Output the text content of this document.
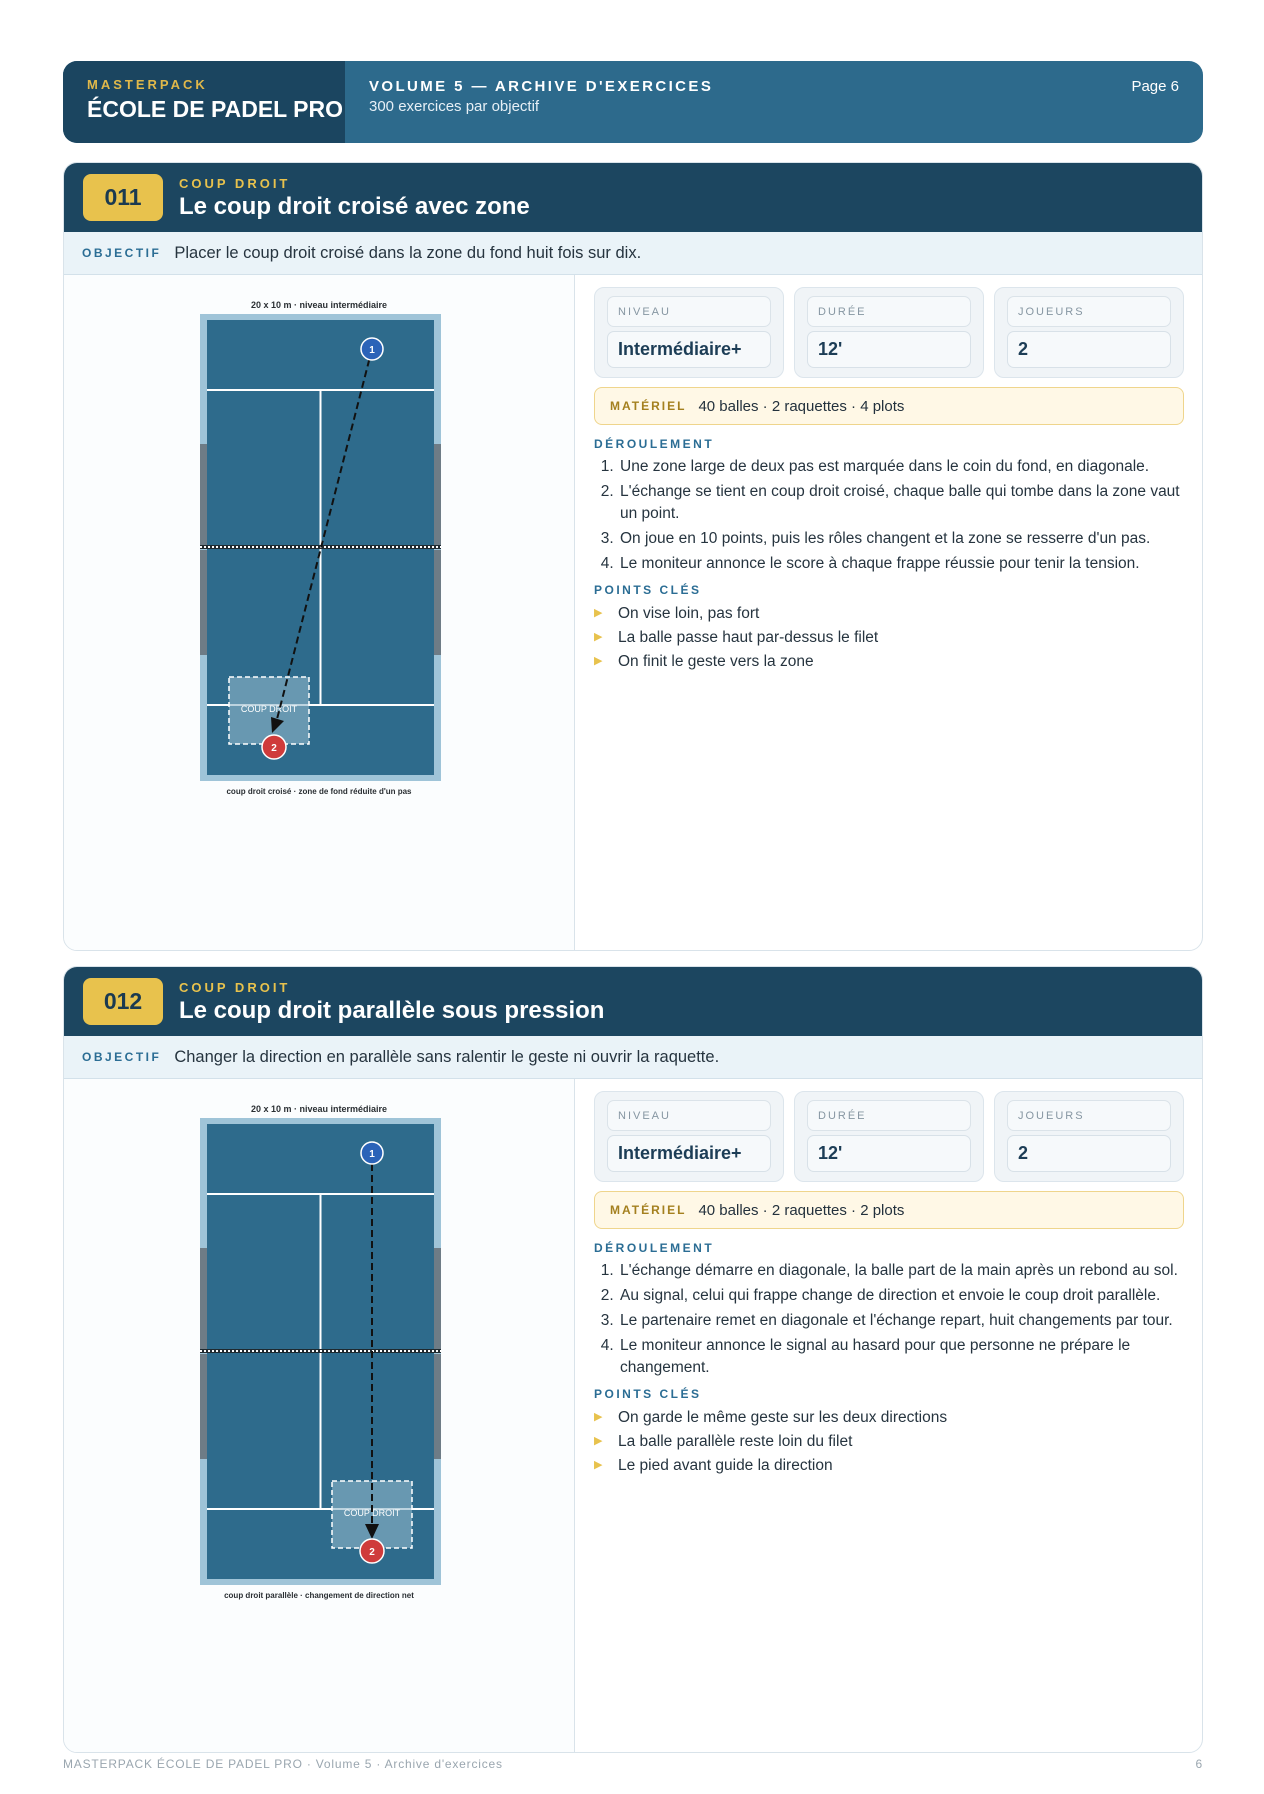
MASTERPACK
ÉCOLE DE PADEL PRO
VOLUME 5 — ARCHIVE D'EXERCICES
300 exercices par objectif
Page 6
011
COUP DROIT
Le coup droit croisé avec zone
OBJECTIF Placer le coup droit croisé dans la zone du fond huit fois sur dix.
20 x 10 m · niveau intermédiaire
COUP DROIT
1
2
coup droit croisé · zone de fond réduite d'un pas
NIVEAU
Intermédiaire+
DURÉE
12'
JOUEURS
2
MATÉRIEL 40 balles · 2 raquettes · 4 plots
DÉROULEMENT
1. Une zone large de deux pas est marquée dans le coin du fond, en diagonale.
2. L'échange se tient en coup droit croisé, chaque balle qui tombe dans la zone vaut un point.
3. On joue en 10 points, puis les rôles changent et la zone se resserre d'un pas.
4. Le moniteur annonce le score à chaque frappe réussie pour tenir la tension.
POINTS CLÉS
▶ On vise loin, pas fort
▶ La balle passe haut par-dessus le filet
▶ On finit le geste vers la zone
012
COUP DROIT
Le coup droit parallèle sous pression
OBJECTIF Changer la direction en parallèle sans ralentir le geste ni ouvrir la raquette.
20 x 10 m · niveau intermédiaire
COUP DROIT
1
2
coup droit parallèle · changement de direction net
NIVEAU
Intermédiaire+
DURÉE
12'
JOUEURS
2
MATÉRIEL 40 balles · 2 raquettes · 2 plots
DÉROULEMENT
1. L'échange démarre en diagonale, la balle part de la main après un rebond au sol.
2. Au signal, celui qui frappe change de direction et envoie le coup droit parallèle.
3. Le partenaire remet en diagonale et l'échange repart, huit changements par tour.
4. Le moniteur annonce le signal au hasard pour que personne ne prépare le changement.
POINTS CLÉS
▶ On garde le même geste sur les deux directions
▶ La balle parallèle reste loin du filet
▶ Le pied avant guide la direction
MASTERPACK ÉCOLE DE PADEL PRO · Volume 5 · Archive d'exercices	6
